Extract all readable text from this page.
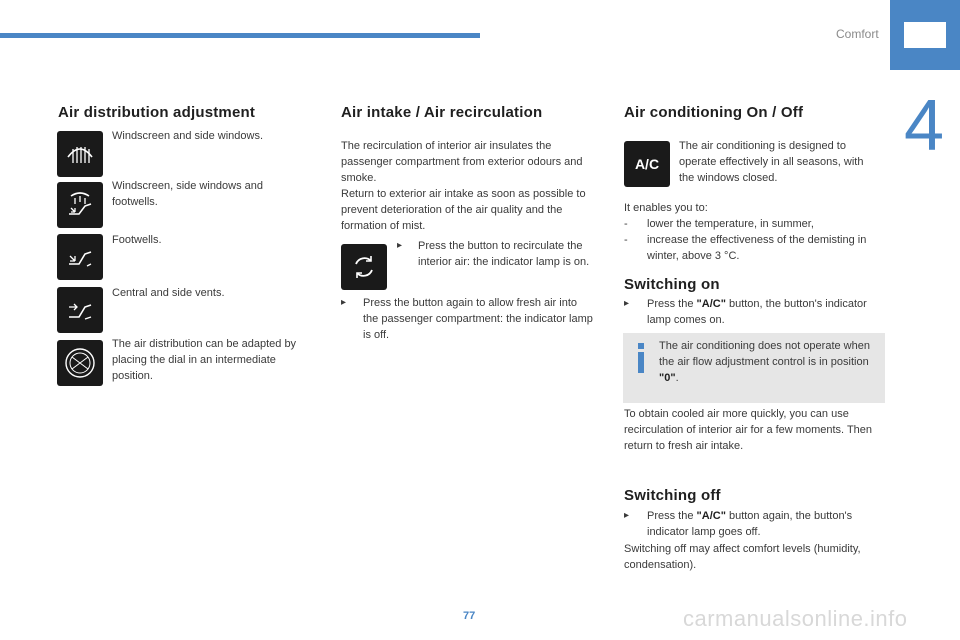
Comfort
4
Air distribution adjustment

Windscreen and side windows.

Windscreen, side windows and footwells.

Footwells.

Central and side vents.

The air distribution can be adapted by placing the dial in an intermediate position.

Air intake / Air recirculation

The recirculation of interior air insulates the passenger compartment from exterior odours and smoke.

Return to exterior air intake as soon as possible to prevent deterioration of the air quality and the formation of mist.

▸ Press the button to recirculate the interior air: the indicator lamp is on.

▸ Press the button again to allow fresh air into the passenger compartment: the indicator lamp is off.

Air conditioning On / Off
A/C

The air conditioning is designed to operate effectively in all seasons, with the windows closed.

It enables you to:

- lower the temperature, in summer,

- increase the effectiveness of the demisting in winter, above 3 °C.

Switching on
▸ Press the "A/C" button, the button's indicator lamp comes on.

The air conditioning does not operate when the air flow adjustment control is in position "0".

To obtain cooled air more quickly, you can use recirculation of interior air for a few moments. Then return to fresh air intake.

Switching off
▸ Press the "A/C" button again, the button's indicator lamp goes off.

Switching off may affect comfort levels (humidity, condensation).

77	carmanualsonline.info
